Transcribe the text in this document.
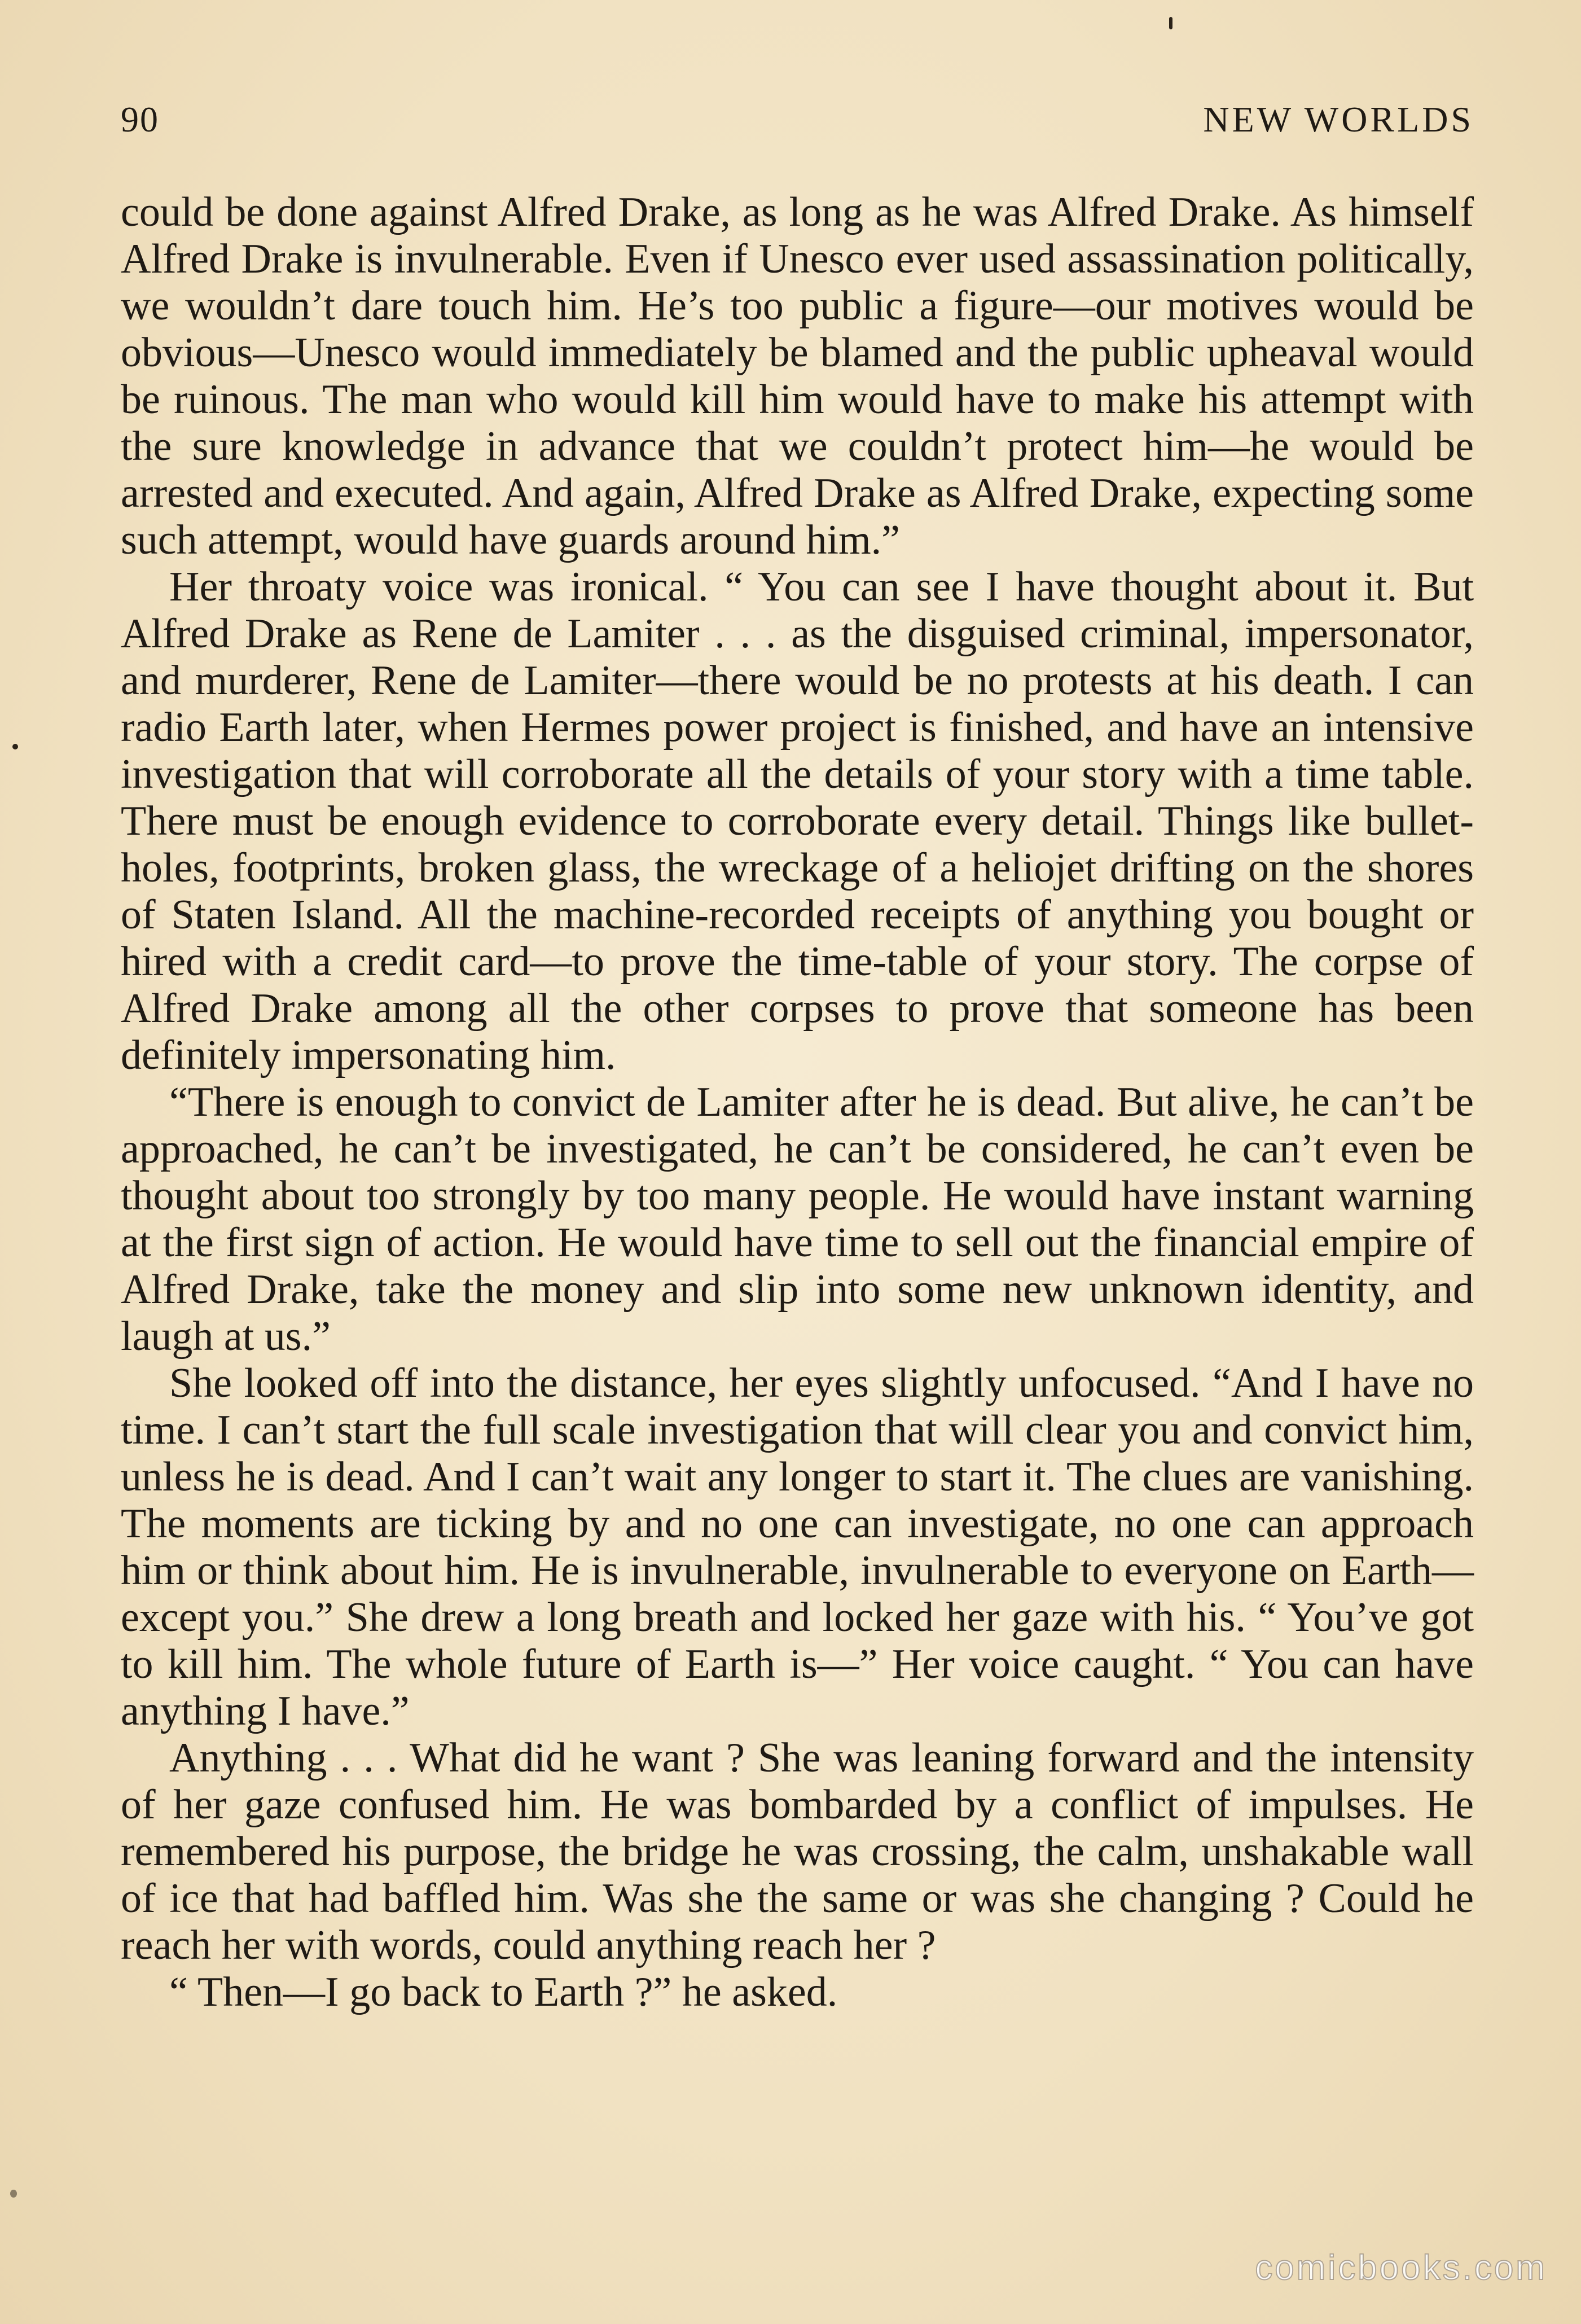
90	NEW WORLDS

could be done against Alfred Drake, as long as he was Alfred Drake. As himself Alfred Drake is invulnerable. Even if Unesco ever used assassination politically, we wouldn’t dare touch him. He’s too public a figure—our motives would be obvious—Unesco would immediately be blamed and the public upheaval would be ruinous. The man who would kill him would have to make his attempt with the sure knowledge in advance that we couldn’t protect him—he would be arrested and executed. And again, Alfred Drake as Alfred Drake, expecting some such attempt, would have guards around him.”

Her throaty voice was ironical. “ You can see I have thought about it. But Alfred Drake as Rene de Lamiter . . . as the disguised criminal, impersonator, and murderer, Rene de Lamiter—there would be no protests at his death. I can radio Earth later, when Hermes power project is finished, and have an intensive investigation that will corroborate all the details of your story with a time table. There must be enough evidence to corroborate every detail. Things like bullet-holes, footprints, broken glass, the wreckage of a heliojet drifting on the shores of Staten Island. All the machine-recorded receipts of anything you bought or hired with a credit card—to prove the time-table of your story. The corpse of Alfred Drake among all the other corpses to prove that someone has been definitely impersonating him.

“There is enough to convict de Lamiter after he is dead. But alive, he can’t be approached, he can’t be investigated, he can’t be considered, he can’t even be thought about too strongly by too many people. He would have instant warning at the first sign of action. He would have time to sell out the financial empire of Alfred Drake, take the money and slip into some new unknown identity, and laugh at us.”

She looked off into the distance, her eyes slightly unfocused. “And I have no time. I can’t start the full scale investigation that will clear you and convict him, unless he is dead. And I can’t wait any longer to start it. The clues are vanishing. The moments are ticking by and no one can investigate, no one can approach him or think about him. He is invulnerable, invulnerable to everyone on Earth—except you.” She drew a long breath and locked her gaze with his. “ You’ve got to kill him. The whole future of Earth is—” Her voice caught. “ You can have anything I have.”

Anything . . . What did he want ? She was leaning forward and the intensity of her gaze confused him. He was bombarded by a conflict of impulses. He remembered his purpose, the bridge he was crossing, the calm, unshakable wall of ice that had baffled him. Was she the same or was she changing ? Could he reach her with words, could anything reach her ?

“ Then—I go back to Earth ?” he asked.

comicbooks.com
